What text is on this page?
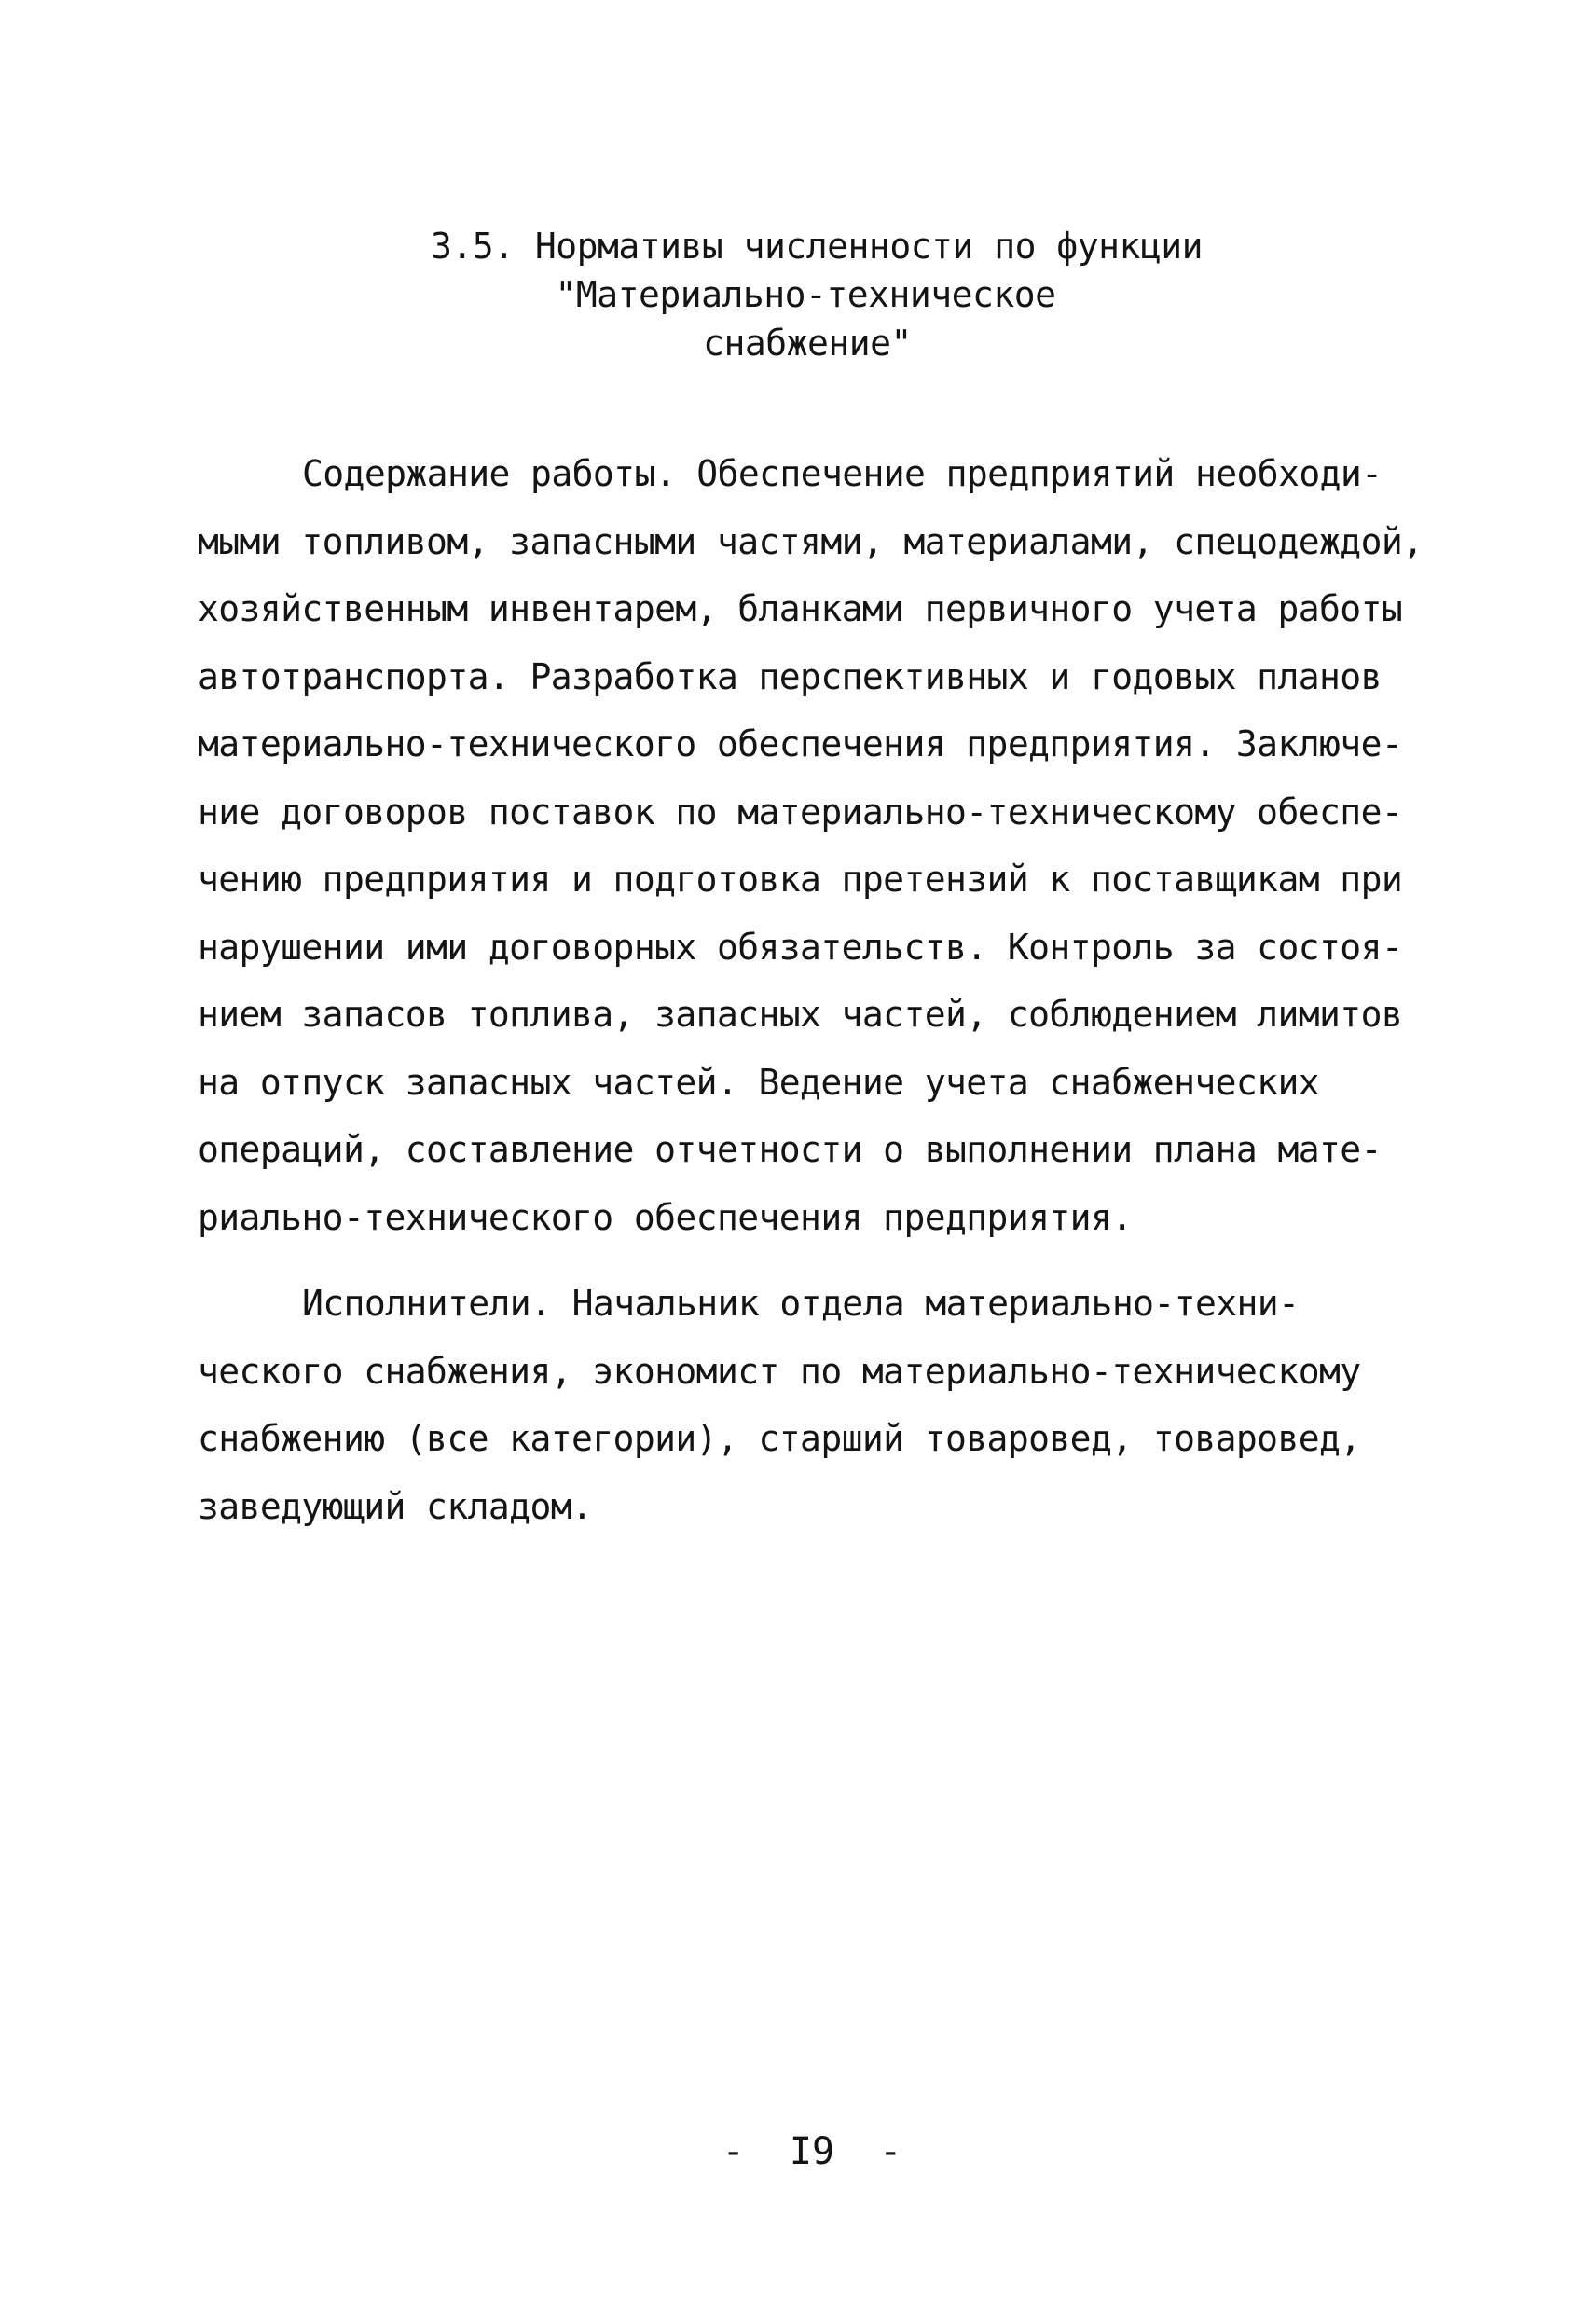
3.5. Нормативы численности по функции
"Материально-техническое
снабжение"

Содержание работы. Обеспечение предприятий необходи-
мыми топливом, запасными частями, материалами, спецодеждой,
хозяйственным инвентарем, бланками первичного учета работы
автотранспорта. Разработка перспективных и годовых планов
материально-технического обеспечения предприятия. Заключе-
ние договоров поставок по материально-техническому обеспе-
чению предприятия и подготовка претензий к поставщикам при
нарушении ими договорных обязательств. Контроль за состоя-
нием запасов топлива, запасных частей, соблюдением лимитов
на отпуск запасных частей. Ведение учета снабженческих
операций, составление отчетности о выполнении плана мате-
риально-технического обеспечения предприятия.

Исполнители. Начальник отдела материально-техни-
ческого снабжения, экономист по материально-техническому
снабжению (все категории), старший товаровед, товаровед,
заведующий складом.

-  I9  -
